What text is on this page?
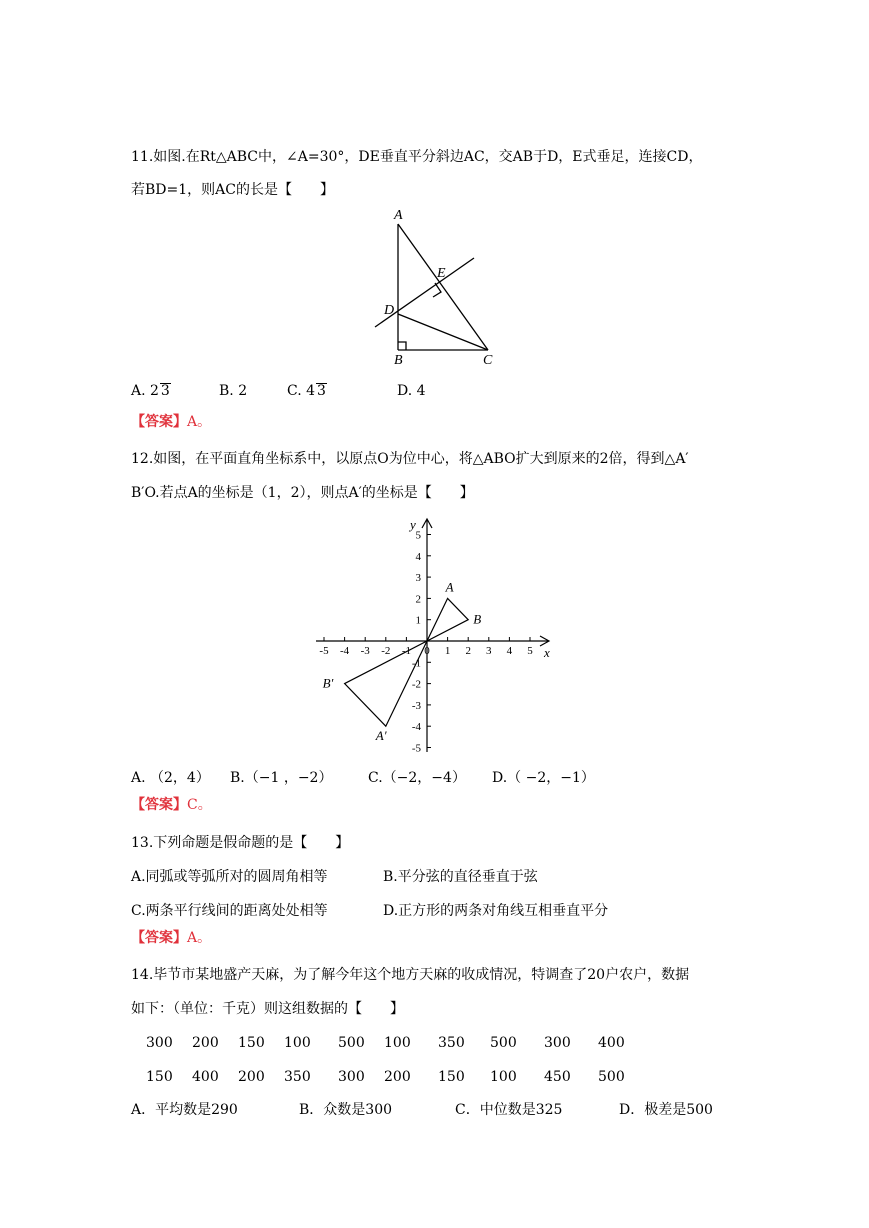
11.如图.在Rt△ABC中，∠A=30°，DE垂直平分斜边AC，交AB于D，E式垂足，连接CD，
若BD=1，则AC的长是【　　】
A
E
D
B	C
A. 2 3	B. 2	C. 4 3	D. 4
【答案】A。
12.如图，在平面直角坐标系中，以原点O为位中心，将△ABO扩大到原来的2倍，得到△A′
B′O.若点A的坐标是（1，2），则点A′的坐标是【　　】
x
y
-5 -4 -3 -2 -1 0 1 2 3 4 5
5
4
3
2
1
-1
-2
-3
-4
-5
A
B
A′
B′
A. （2，4） B.（−1 ，−2）	C.（−2，−4） D.（ −2，−1）
【答案】C。
13.下列命题是假命题的是【　　】
A.同弧或等弧所对的圆周角相等	B.平分弦的直径垂直于弦
C.两条平行线间的距离处处相等	D.正方形的两条对角线互相垂直平分
【答案】A。
14.毕节市某地盛产天麻，为了解今年这个地方天麻的收成情况，特调查了20户农户，数据
如下：（单位：千克）则这组数据的【　　】
300 200 150 100 500 100 350 500 300 400
150 400 200 350 300 200 150 100 450 500
A．平均数是290	B．众数是300	C．中位数是325	D．极差是500
